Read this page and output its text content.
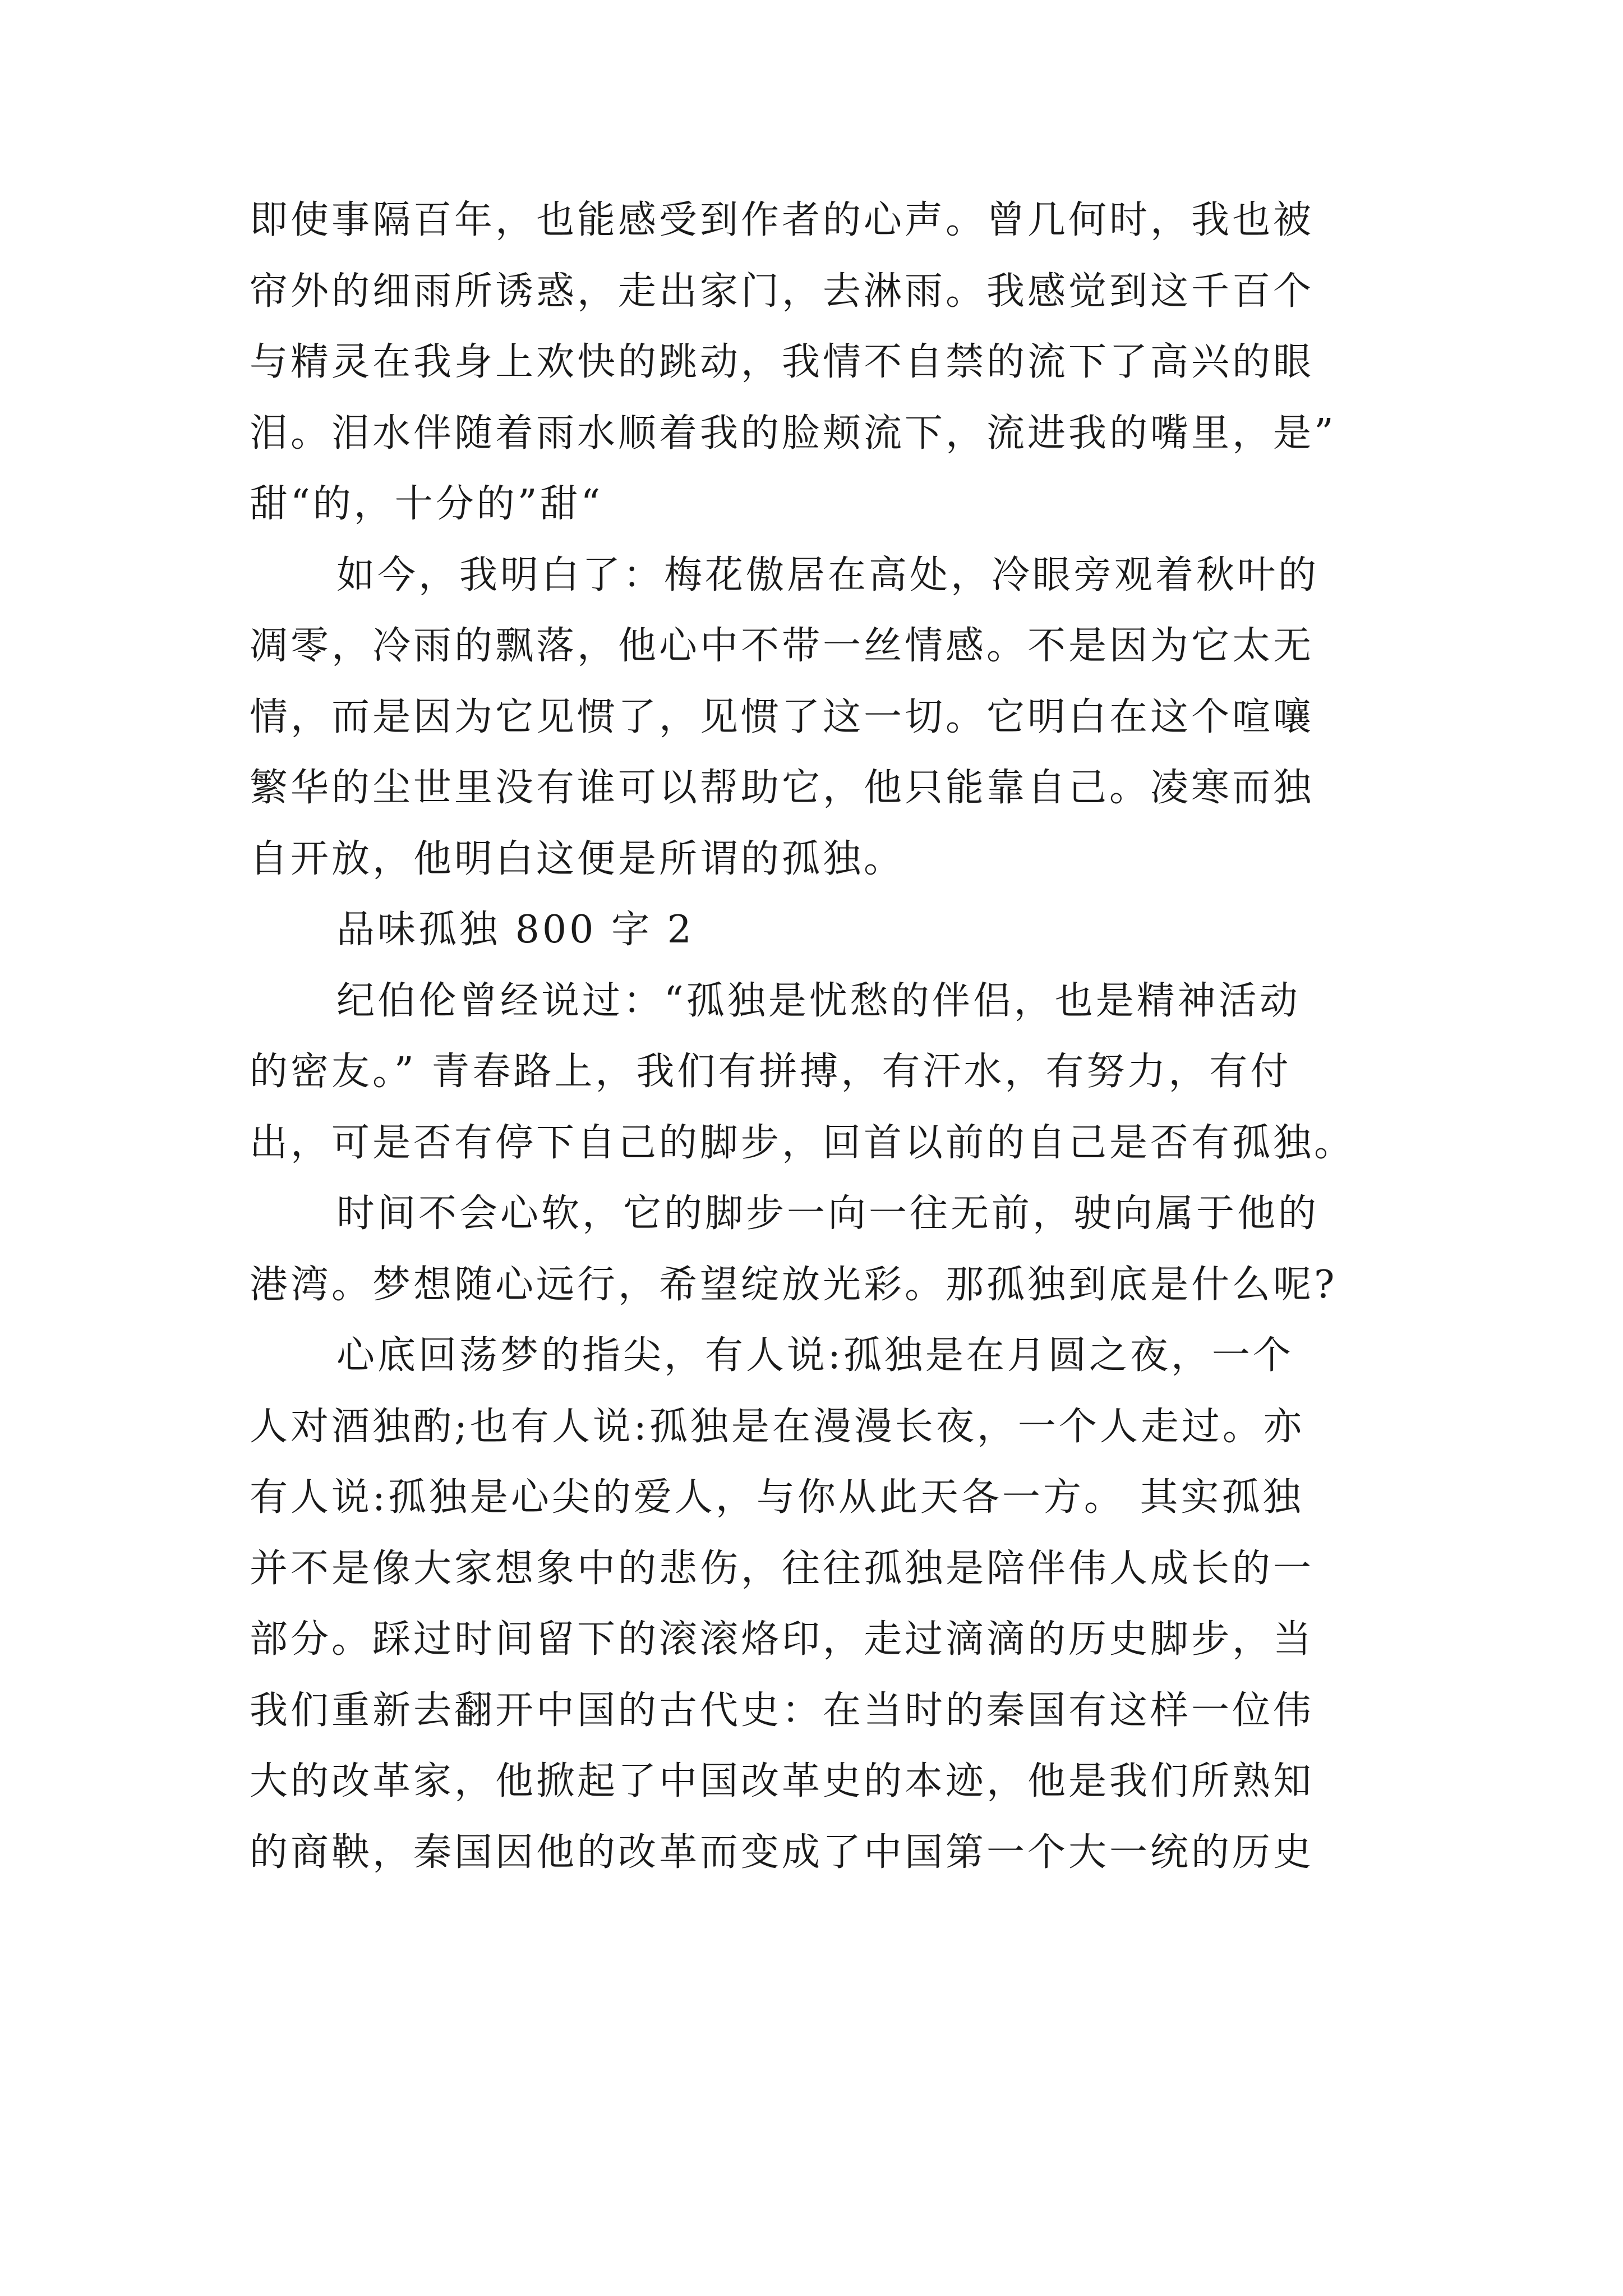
即使事隔百年，也能感受到作者的心声。曾几何时，我也被
帘外的细雨所诱惑，走出家门，去淋雨。我感觉到这千百个
与精灵在我身上欢快的跳动，我情不自禁的流下了高兴的眼
泪。泪水伴随着雨水顺着我的脸颊流下，流进我的嘴里，是”
甜“的，十分的”甜“
如今，我明白了：梅花傲居在高处，冷眼旁观着秋叶的
凋零，冷雨的飘落，他心中不带一丝情感。不是因为它太无
情，而是因为它见惯了，见惯了这一切。它明白在这个喧嚷
繁华的尘世里没有谁可以帮助它，他只能靠自己。凌寒而独
自开放，他明白这便是所谓的孤独。
品味孤独 800 字 2
纪伯伦曾经说过：“孤独是忧愁的伴侣，也是精神活动
的密友。” 青春路上，我们有拼搏，有汗水，有努力，有付
出，可是否有停下自己的脚步，回首以前的自己是否有孤独。
时间不会心软，它的脚步一向一往无前，驶向属于他的
港湾。梦想随心远行，希望绽放光彩。那孤独到底是什么呢?
心底回荡梦的指尖，有人说:孤独是在月圆之夜，一个
人对酒独酌;也有人说:孤独是在漫漫长夜，一个人走过。亦
有人说:孤独是心尖的爱人，与你从此天各一方。 其实孤独
并不是像大家想象中的悲伤，往往孤独是陪伴伟人成长的一
部分。踩过时间留下的滚滚烙印，走过滴滴的历史脚步，当
我们重新去翻开中国的古代史：在当时的秦国有这样一位伟
大的改革家，他掀起了中国改革史的本迹，他是我们所熟知
的商鞅，秦国因他的改革而变成了中国第一个大一统的历史
